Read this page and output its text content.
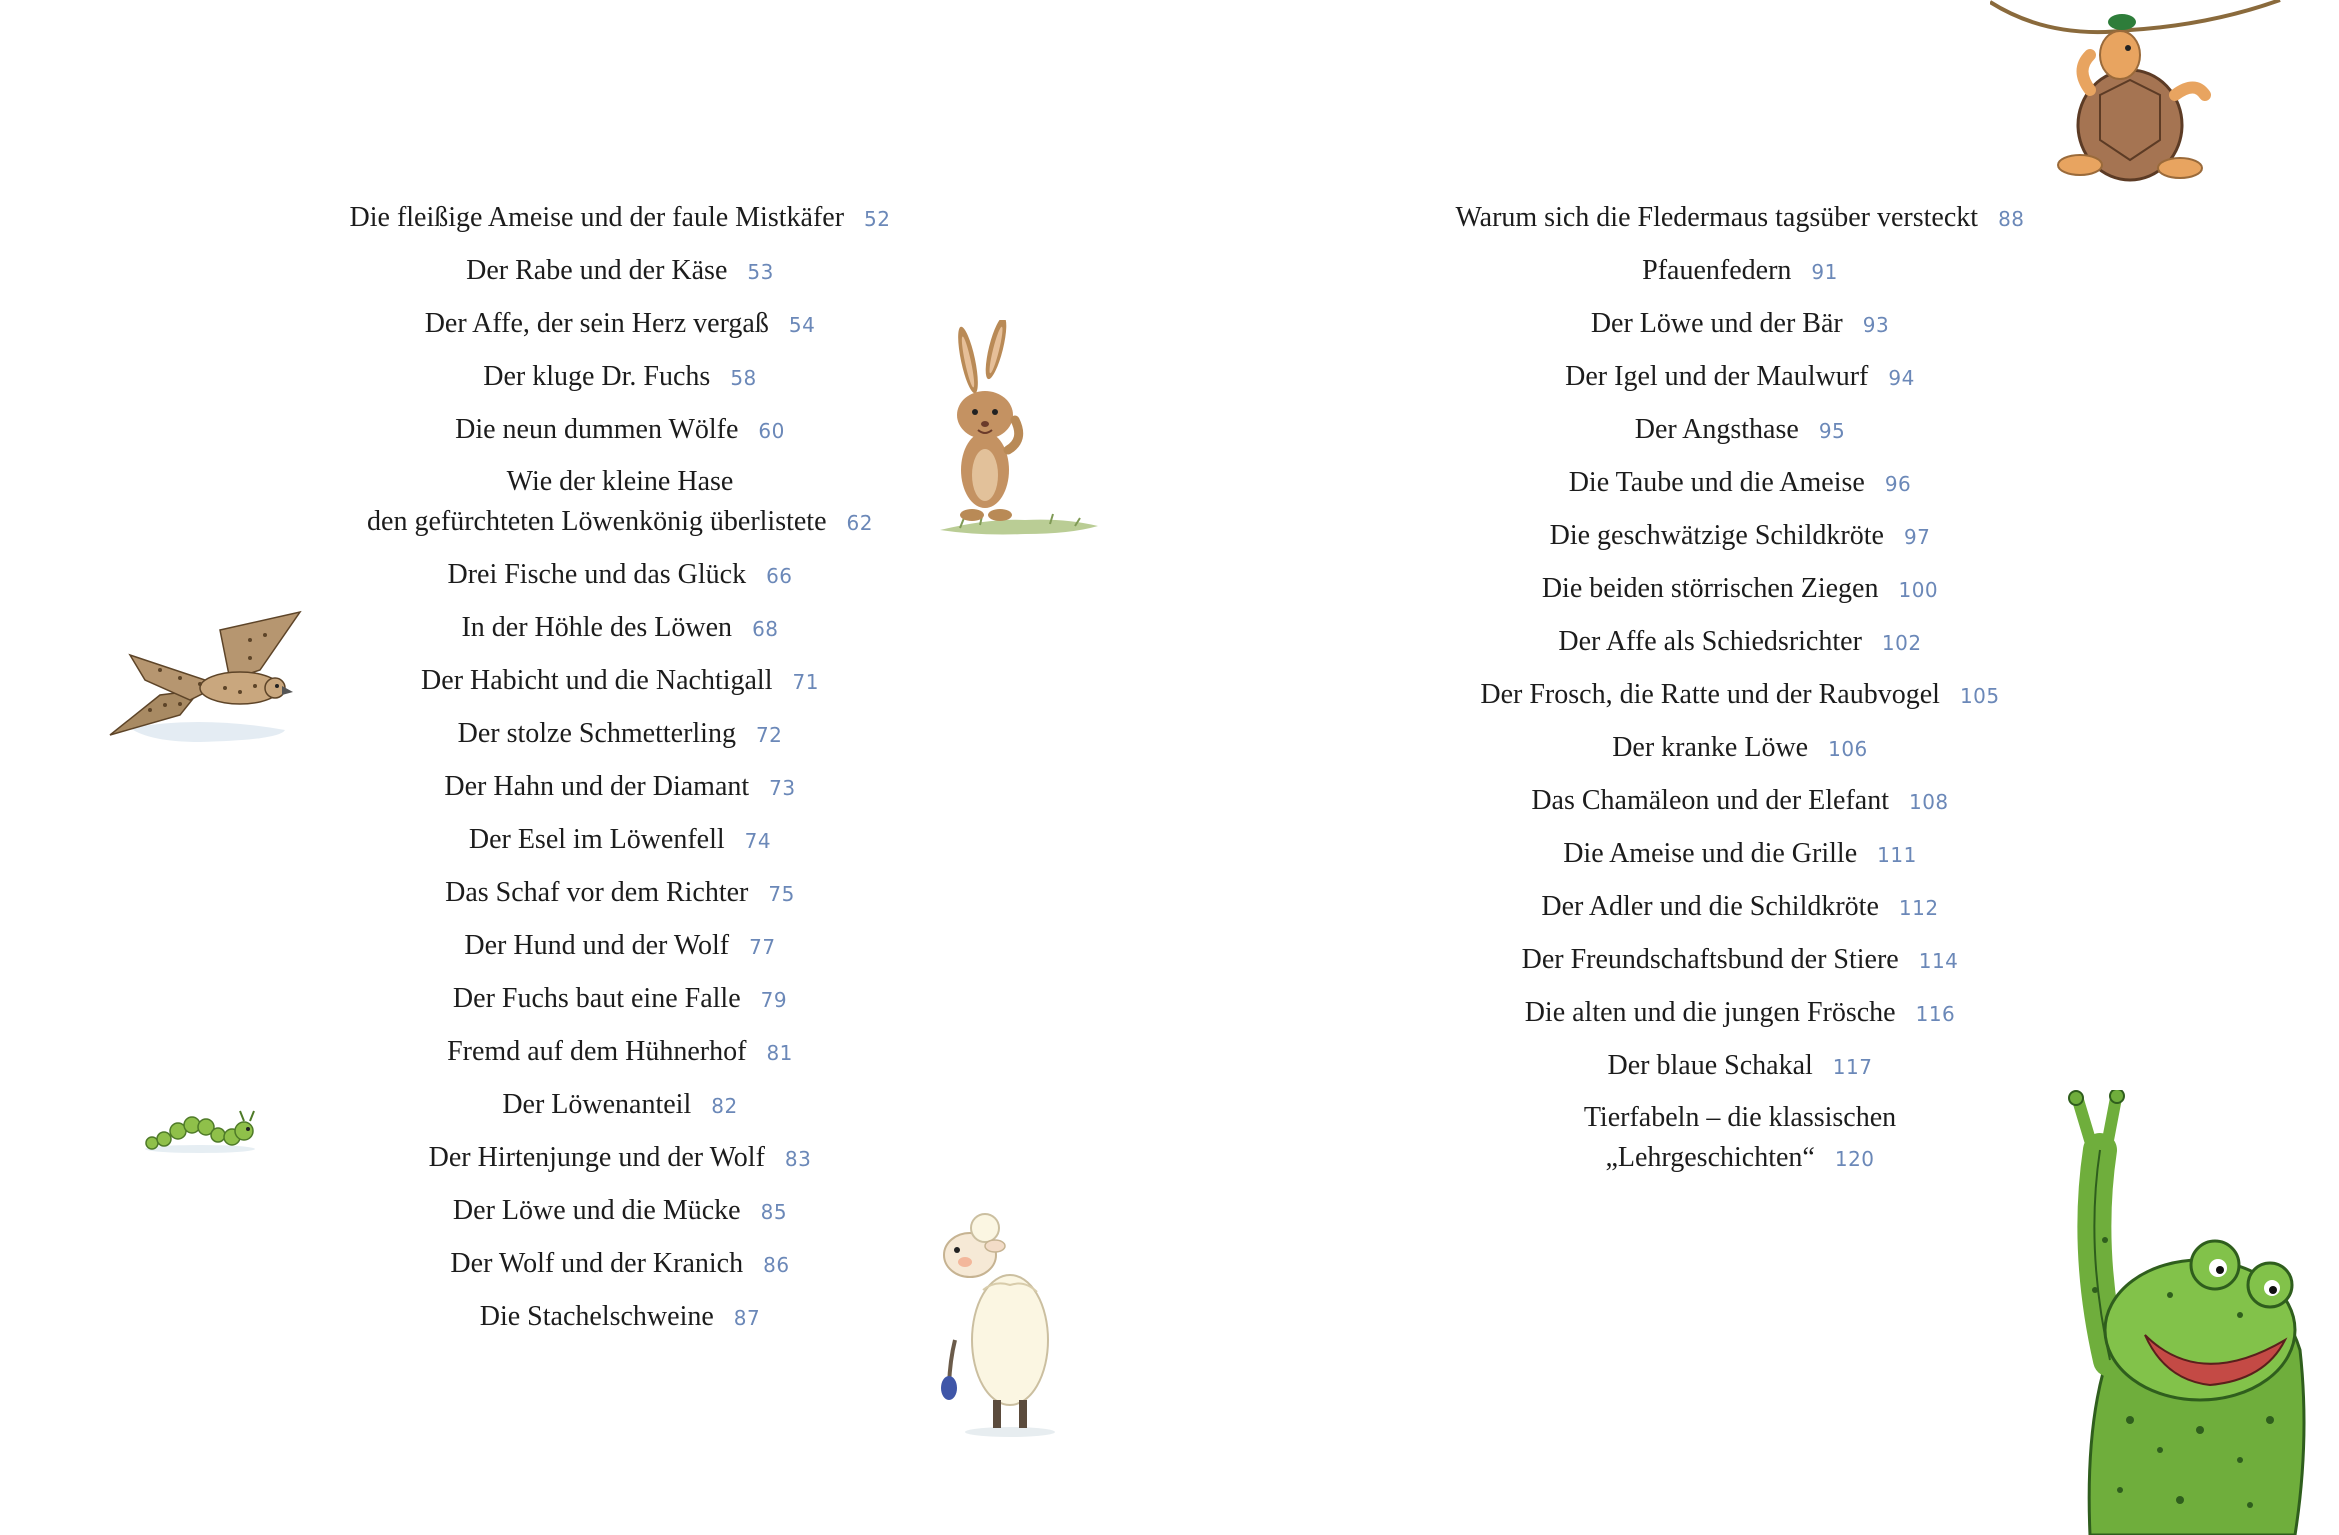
Die fleißige Ameise und der faule Mistkäfer 52
Der Rabe und der Käse 53
Der Affe, der sein Herz vergaß 54
Der kluge Dr. Fuchs 58
Die neun dummen Wölfe 60
Wie der kleine Hase
den gefürchteten Löwenkönig überlistete 62
Drei Fische und das Glück 66
In der Höhle des Löwen 68
Der Habicht und die Nachtigall 71
Der stolze Schmetterling 72
Der Hahn und der Diamant 73
Der Esel im Löwenfell 74
Das Schaf vor dem Richter 75
Der Hund und der Wolf 77
Der Fuchs baut eine Falle 79
Fremd auf dem Hühnerhof 81
Der Löwenanteil 82
Der Hirtenjunge und der Wolf 83
Der Löwe und die Mücke 85
Der Wolf und der Kranich 86
Die Stachelschweine 87
Warum sich die Fledermaus tagsüber versteckt 88
Pfauenfedern 91
Der Löwe und der Bär 93
Der Igel und der Maulwurf 94
Der Angsthase 95
Die Taube und die Ameise 96
Die geschwätzige Schildkröte 97
Die beiden störrischen Ziegen 100
Der Affe als Schiedsrichter 102
Der Frosch, die Ratte und der Raubvogel 105
Der kranke Löwe 106
Das Chamäleon und der Elefant 108
Die Ameise und die Grille 111
Der Adler und die Schildkröte 112
Der Freundschaftsbund der Stiere 114
Die alten und die jungen Frösche 116
Der blaue Schakal 117
Tierfabeln – die klassischen
„Lehrgeschichten“ 120
